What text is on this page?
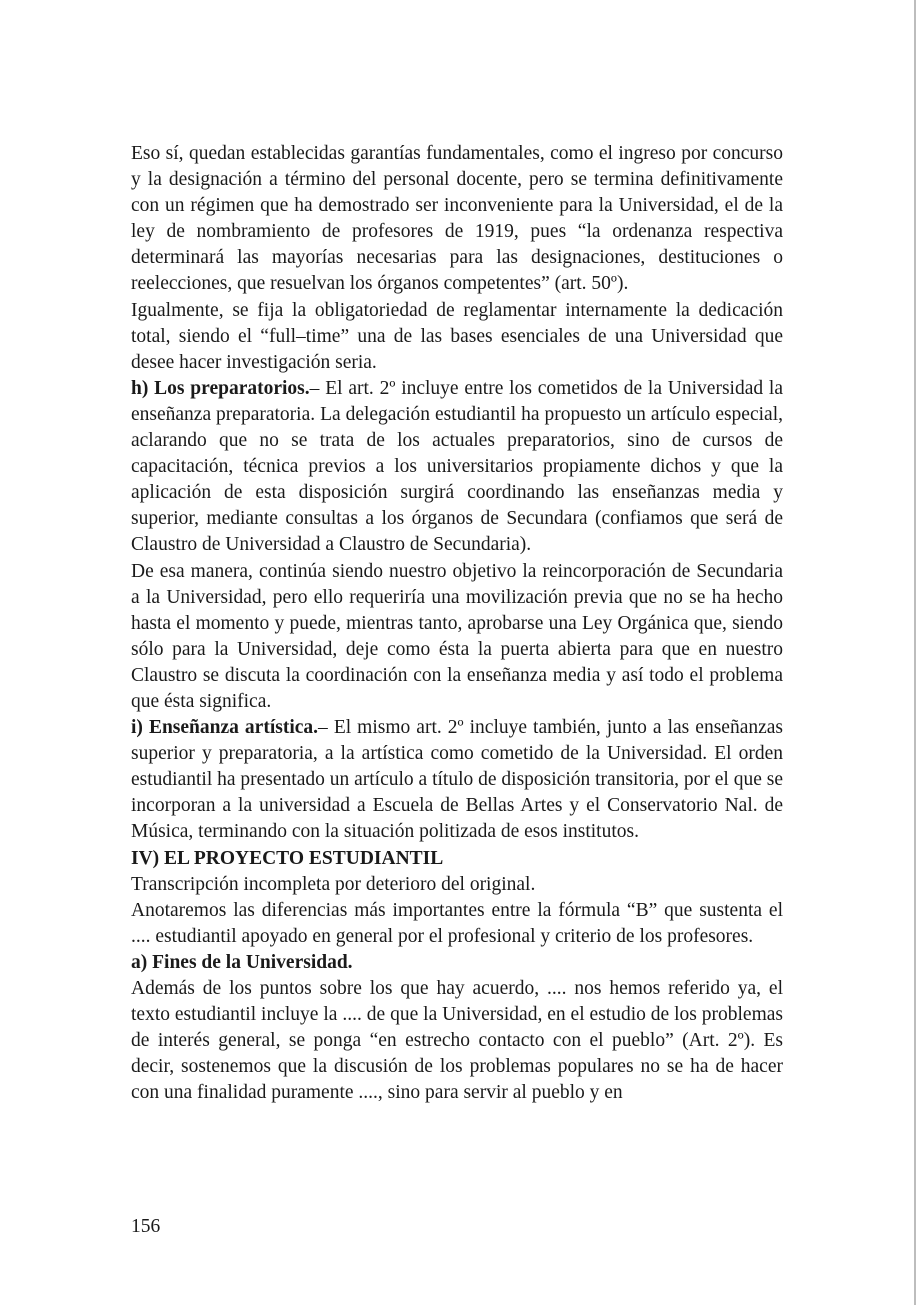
Eso sí, quedan establecidas garantías fundamentales, como el ingreso por concurso y la designación a término del personal docente, pero se termina definitivamente con un régimen que ha demostrado ser inconveniente para la Universidad, el de la ley de nombramiento de profesores de 1919, pues “la ordenanza respectiva determinará las mayorías necesarias para las designaciones, destituciones o reelecciones, que resuelvan los órganos competentes” (art. 50º).

Igualmente, se fija la obligatoriedad de reglamentar internamente la dedicación total, siendo el “full–time” una de las bases esenciales de una Universidad que desee hacer investigación seria.

h) Los preparatorios.– El art. 2º incluye entre los cometidos de la Universidad la enseñanza preparatoria. La delegación estudiantil ha propuesto un artículo especial, aclarando que no se trata de los actuales preparatorios, sino de cursos de capacitación, técnica previos a los universitarios propiamente dichos y que la aplicación de esta disposición surgirá coordinando las enseñanzas media y superior, mediante consultas a los órganos de Secundara (confiamos que será de Claustro de Universidad a Claustro de Secundaria).

De esa manera, continúa siendo nuestro objetivo la reincorporación de Secundaria a la Universidad, pero ello requeriría una movilización previa que no se ha hecho hasta el momento y puede, mientras tanto, aprobarse una Ley Orgánica que, siendo sólo para la Universidad, deje como ésta la puerta abierta para que en nuestro Claustro se discuta la coordinación con la enseñanza media y así todo el problema que ésta significa.

i) Enseñanza artística.– El mismo art. 2º incluye también, junto a las enseñanzas superior y preparatoria, a la artística como cometido de la Universidad. El orden estudiantil ha presentado un artículo a título de disposición transitoria, por el que se incorporan a la universidad a Escuela de Bellas Artes y el Conservatorio Nal. de Música, terminando con la situación politizada de esos institutos.

IV) EL PROYECTO ESTUDIANTIL

Transcripción incompleta por deterioro del original.

Anotaremos las diferencias más importantes entre la fórmula “B” que sustenta el .... estudiantil apoyado en general por el profesional y criterio de los profesores.

a) Fines de la Universidad.

Además de los puntos sobre los que hay acuerdo, .... nos hemos referido ya, el texto estudiantil incluye la .... de que la Universidad, en el estudio de los problemas de interés general, se ponga “en estrecho contacto con el pueblo” (Art. 2º). Es decir, sostenemos que la discusión de los problemas populares no se ha de hacer con una finalidad puramente ...., sino para servir al pueblo y en

156
